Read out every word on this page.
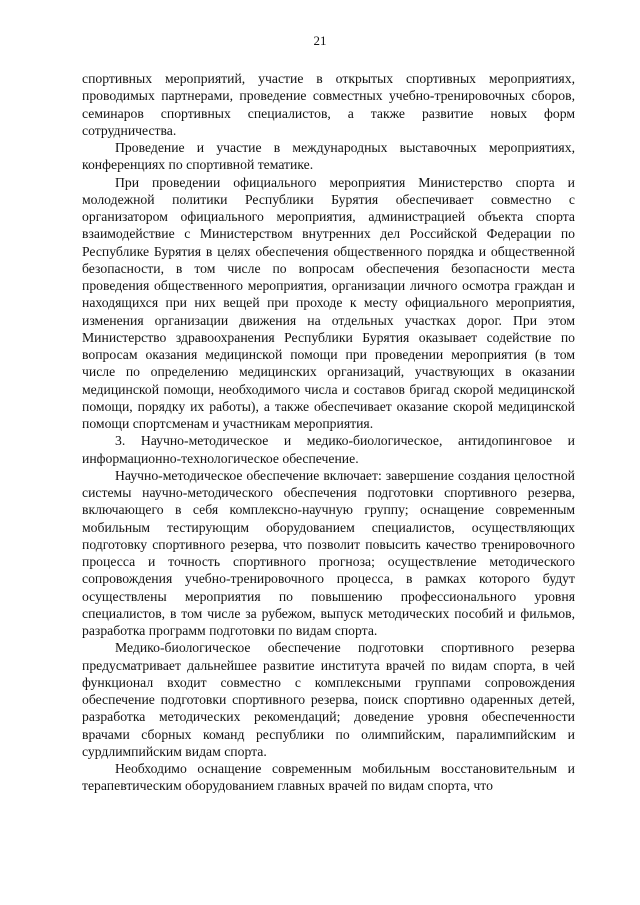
21

спортивных мероприятий, участие в открытых спортивных мероприятиях, проводимых партнерами, проведение совместных учебно-тренировочных сборов, семинаров спортивных специалистов, а также развитие новых форм сотрудничества.

Проведение и участие в международных выставочных мероприятиях, конференциях по спортивной тематике.

При проведении официального мероприятия Министерство спорта и молодежной политики Республики Бурятия обеспечивает совместно с организатором официального мероприятия, администрацией объекта спорта взаимодействие с Министерством внутренних дел Российской Федерации по Республике Бурятия в целях обеспечения общественного порядка и общественной безопасности, в том числе по вопросам обеспечения безопасности места проведения общественного мероприятия, организации личного осмотра граждан и находящихся при них вещей при проходе к месту официального мероприятия, изменения организации движения на отдельных участках дорог. При этом Министерство здравоохранения Республики Бурятия оказывает содействие по вопросам оказания медицинской помощи при проведении мероприятия (в том числе по определению медицинских организаций, участвующих в оказании медицинской помощи, необходимого числа и составов бригад скорой медицинской помощи, порядку их работы), а также обеспечивает оказание скорой медицинской помощи спортсменам и участникам мероприятия.

3. Научно-методическое и медико-биологическое, антидопинговое и информационно-технологическое обеспечение.

Научно-методическое обеспечение включает: завершение создания целостной системы научно-методического обеспечения подготовки спортивного резерва, включающего в себя комплексно-научную группу; оснащение современным мобильным тестирующим оборудованием специалистов, осуществляющих подготовку спортивного резерва, что позволит повысить качество тренировочного процесса и точность спортивного прогноза; осуществление методического сопровождения учебно-тренировочного процесса, в рамках которого будут осуществлены мероприятия по повышению профессионального уровня специалистов, в том числе за рубежом, выпуск методических пособий и фильмов, разработка программ подготовки по видам спорта.

Медико-биологическое обеспечение подготовки спортивного резерва предусматривает дальнейшее развитие института врачей по видам спорта, в чей функционал входит совместно с комплексными группами сопровождения обеспечение подготовки спортивного резерва, поиск спортивно одаренных детей, разработка методических рекомендаций; доведение уровня обеспеченности врачами сборных команд республики по олимпийским, паралимпийским и сурдлимпийским видам спорта.

Необходимо оснащение современным мобильным восстановительным и терапевтическим оборудованием главных врачей по видам спорта, что
